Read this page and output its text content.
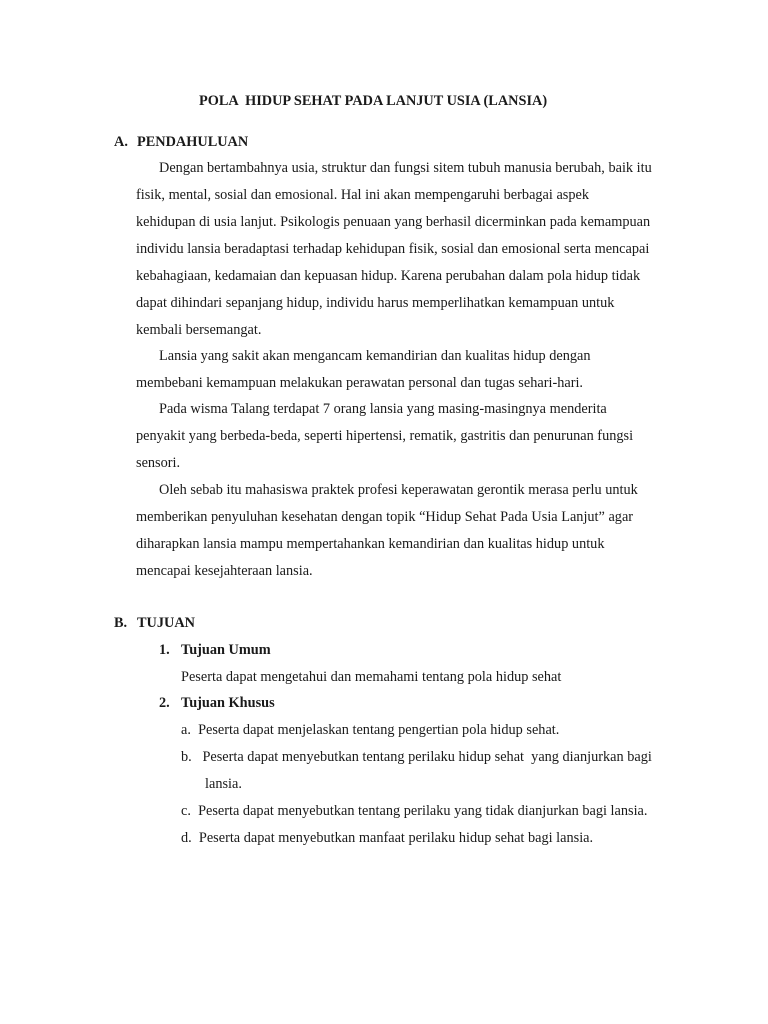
POLA  HIDUP SEHAT PADA LANJUT USIA (LANSIA)
A. PENDAHULUAN
Dengan bertambahnya usia, struktur dan fungsi sitem tubuh manusia berubah, baik itu
fisik, mental, sosial dan emosional. Hal ini akan mempengaruhi berbagai aspek
kehidupan di usia lanjut. Psikologis penuaan yang berhasil dicerminkan pada kemampuan
individu lansia beradaptasi terhadap kehidupan fisik, sosial dan emosional serta mencapai
kebahagiaan, kedamaian dan kepuasan hidup. Karena perubahan dalam pola hidup tidak
dapat dihindari sepanjang hidup, individu harus memperlihatkan kemampuan untuk
kembali bersemangat.
Lansia yang sakit akan mengancam kemandirian dan kualitas hidup dengan
membebani kemampuan melakukan perawatan personal dan tugas sehari-hari.
Pada wisma Talang terdapat 7 orang lansia yang masing-masingnya menderita
penyakit yang berbeda-beda, seperti hipertensi, rematik, gastritis dan penurunan fungsi
sensori.
Oleh sebab itu mahasiswa praktek profesi keperawatan gerontik merasa perlu untuk
memberikan penyuluhan kesehatan dengan topik “Hidup Sehat Pada Usia Lanjut” agar
diharapkan lansia mampu mempertahankan kemandirian dan kualitas hidup untuk
mencapai kesejahteraan lansia.
B. TUJUAN
1. Tujuan Umum
Peserta dapat mengetahui dan memahami tentang pola hidup sehat
2. Tujuan Khusus
a.  Peserta dapat menjelaskan tentang pengertian pola hidup sehat.
b.   Peserta dapat menyebutkan tentang perilaku hidup sehat  yang dianjurkan bagi
lansia.
c.  Peserta dapat menyebutkan tentang perilaku yang tidak dianjurkan bagi lansia.
d.  Peserta dapat menyebutkan manfaat perilaku hidup sehat bagi lansia.
